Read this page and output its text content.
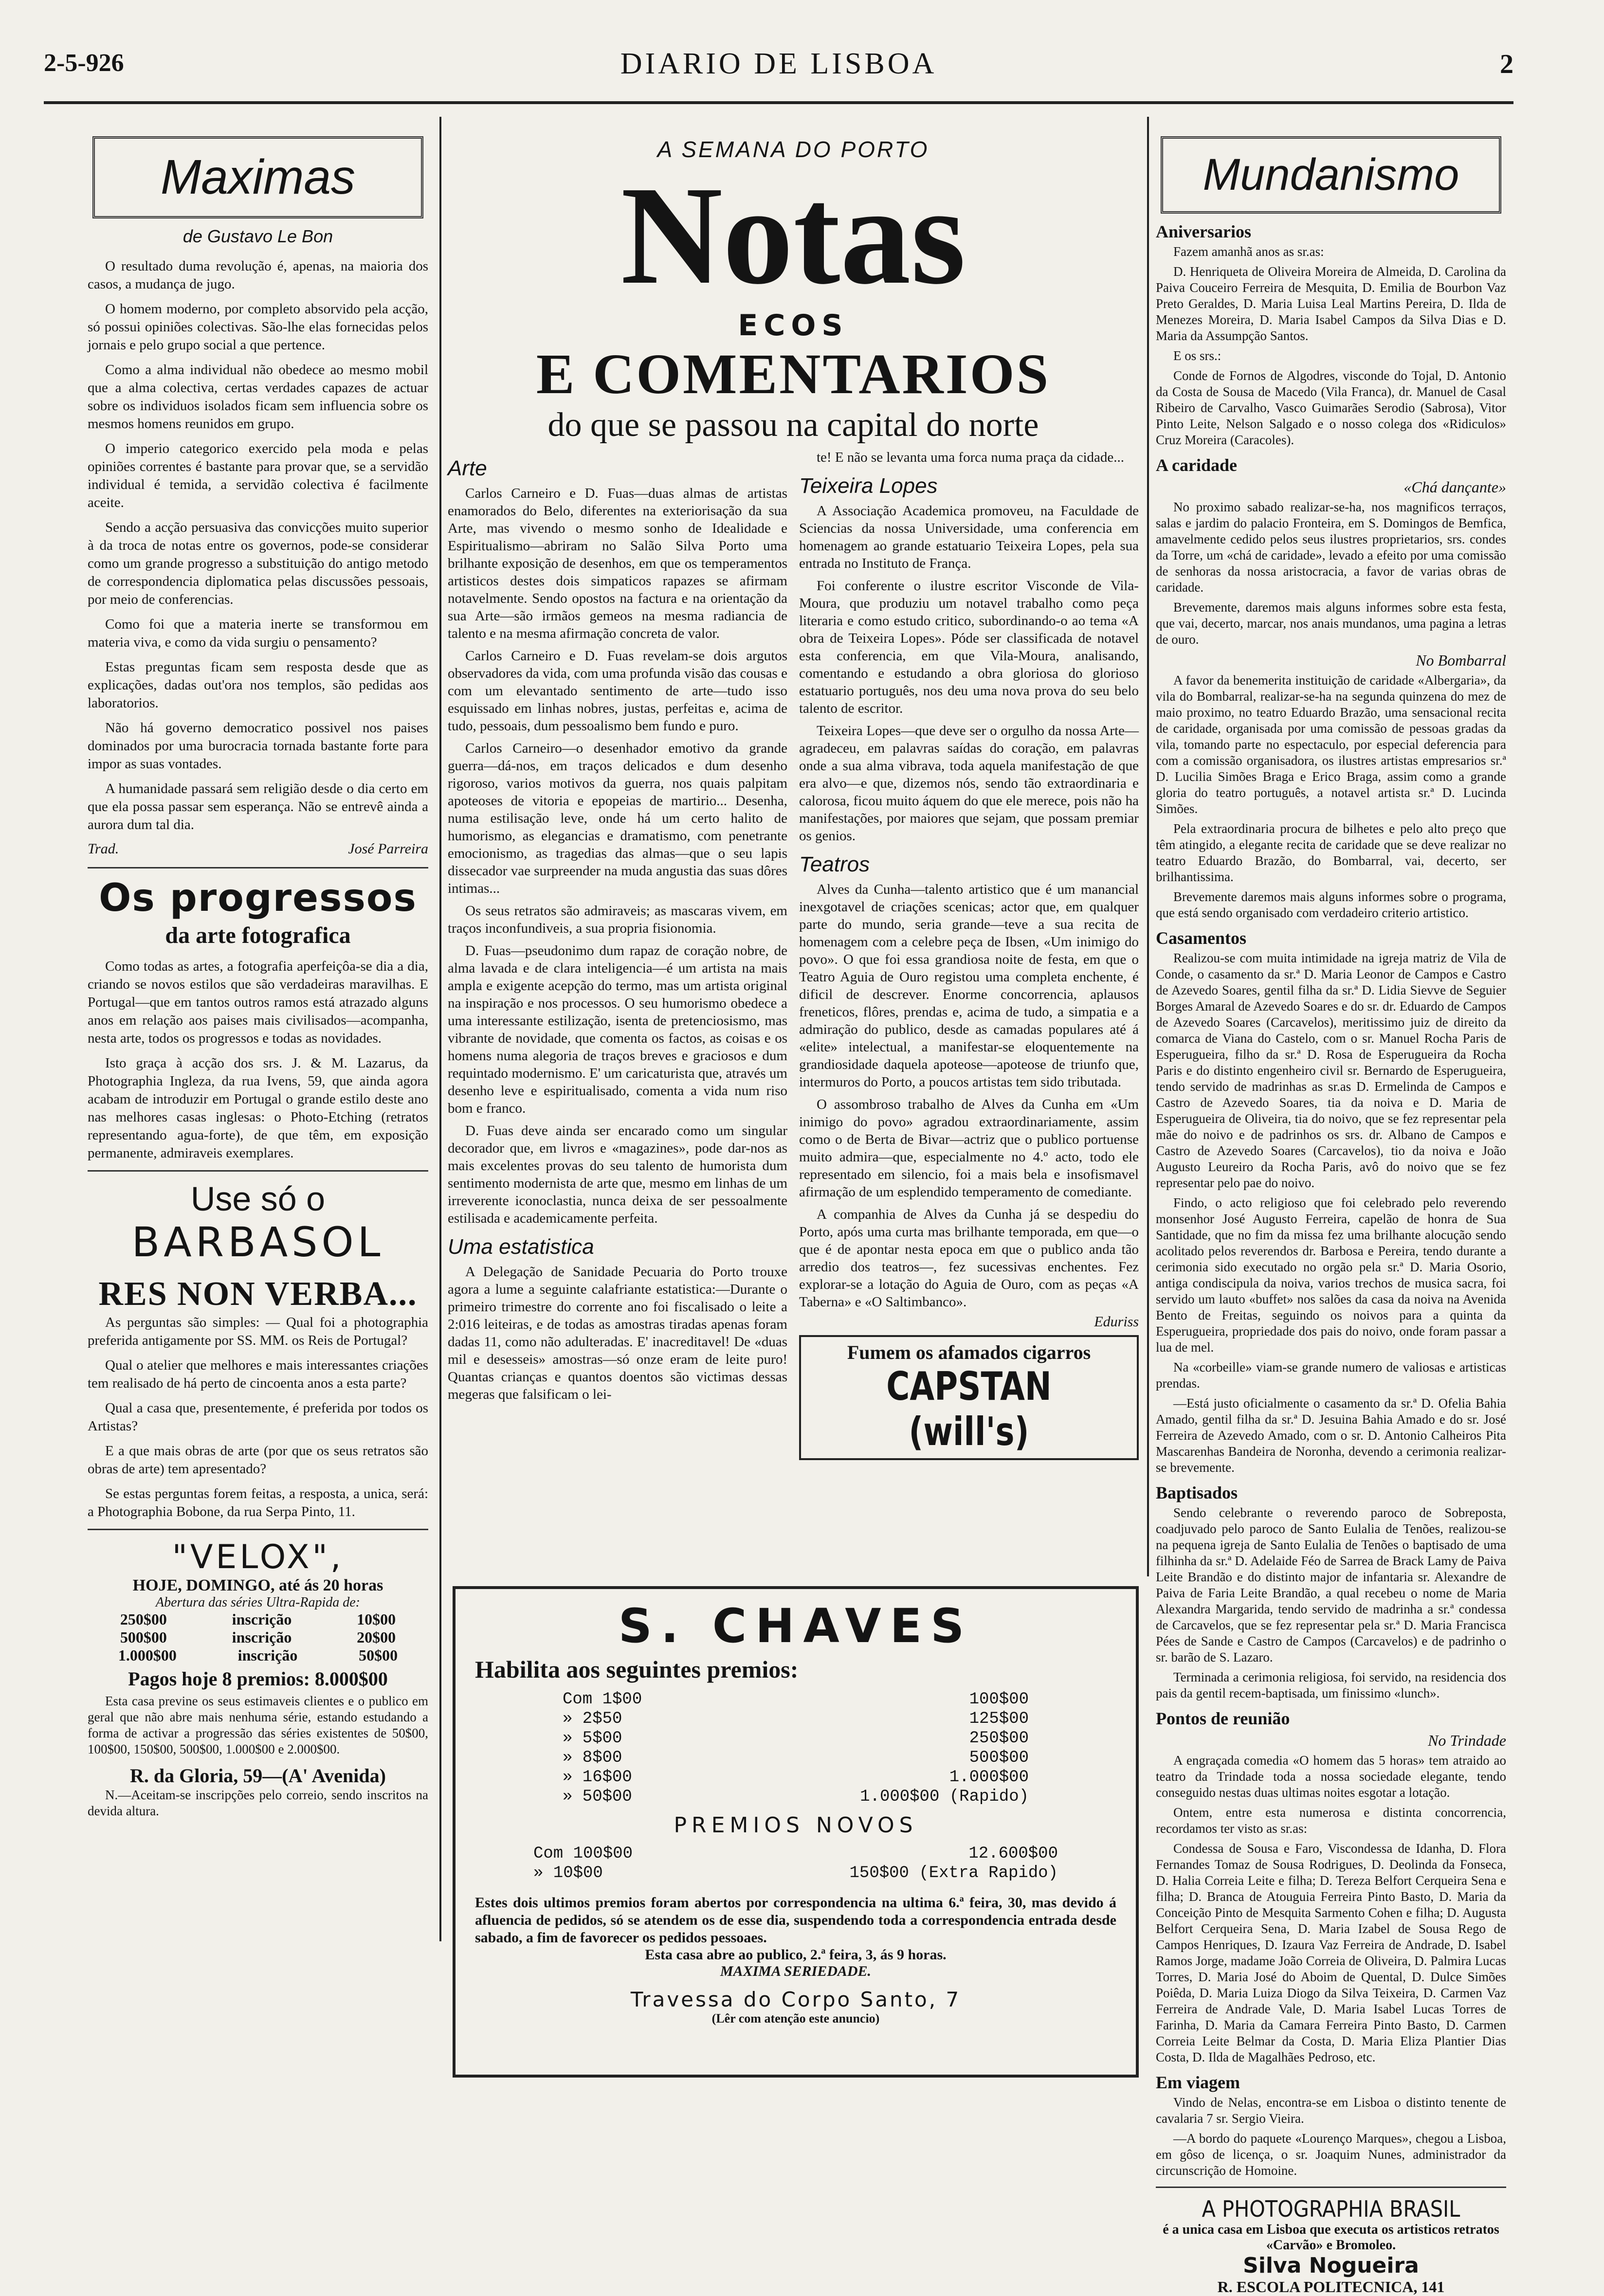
2-5-926	DIARIO DE LISBOA	2
Maximas
de Gustavo Le Bon

O resultado duma revolução é, apenas, na maioria dos casos, a mudança de jugo.

O homem moderno, por completo absorvido pela acção, só possui opiniões colectivas. São-lhe elas fornecidas pelos jornais e pelo grupo social a que pertence.

Como a alma individual não obedece ao mesmo mobil que a alma colectiva, certas verdades capazes de actuar sobre os individuos isolados ficam sem influencia sobre os mesmos homens reunidos em grupo.

O imperio categorico exercido pela moda e pelas opiniões correntes é bastante para provar que, se a servidão individual é temida, a servidão colectiva é facilmente aceite.

Sendo a acção persuasiva das convicções muito superior à da troca de notas entre os governos, pode-se considerar como um grande progresso a substituição do antigo metodo de correspondencia diplomatica pelas discussões pessoais, por meio de conferencias.

Como foi que a materia inerte se transformou em materia viva, e como da vida surgiu o pensamento?

Estas preguntas ficam sem resposta desde que as explicações, dadas out'ora nos templos, são pedidas aos laboratorios.

Não há governo democratico possivel nos paises dominados por uma burocracia tornada bastante forte para impor as suas vontades.

A humanidade passará sem religião desde o dia certo em que ela possa passar sem esperança. Não se entrevê ainda a aurora dum tal dia.

Trad.	José Parreira
Os progressos
da arte fotografica

Como todas as artes, a fotografia aperfeiçôa-se dia a dia, criando se novos estilos que são verdadeiras maravilhas. E Portugal—que em tantos outros ramos está atrazado alguns anos em relação aos paises mais civilisados—acompanha, nesta arte, todos os progressos e todas as novidades.

Isto graça à acção dos srs. J. & M. Lazarus, da Photographia Ingleza, da rua Ivens, 59, que ainda agora acabam de introduzir em Portugal o grande estilo deste ano nas melhores casas inglesas: o Photo-Etching (retratos representando agua-forte), de que têm, em exposição permanente, admiraveis exemplares.

Use só o
BARBASOL
RES NON VERBA...

As perguntas são simples: — Qual foi a photographia preferida antigamente por SS. MM. os Reis de Portugal?

Qual o atelier que melhores e mais interessantes criações tem realisado de há perto de cincoenta anos a esta parte?

Qual a casa que, presentemente, é preferida por todos os Artistas?

E a que mais obras de arte (por que os seus retratos são obras de arte) tem apresentado?

Se estas perguntas forem feitas, a resposta, a unica, será: a Photographia Bobone, da rua Serpa Pinto, 11.

"VELOX",
HOJE, DOMINGO, até ás 20 horas
Abertura das séries Ultra-Rapida de:
250$00	inscrição	10$00
500$00	inscrição	20$00
1.000$00	inscrição	50$00
Pagos hoje 8 premios: 8.000$00

Esta casa previne os seus estimaveis clientes e o publico em geral que não abre mais nenhuma série, estando estudando a forma de activar a progressão das séries existentes de 50$00, 100$00, 150$00, 500$00, 1.000$00 e 2.000$00.

R. da Gloria, 59—(A' Avenida)

N.—Aceitam-se inscripções pelo correio, sendo inscritos na devida altura.

A SEMANA DO PORTO
Notas
ECOS
E COMENTARIOS
do que se passou na capital do norte
Arte

Carlos Carneiro e D. Fuas—duas almas de artistas enamorados do Belo, diferentes na exteriorisação da sua Arte, mas vivendo o mesmo sonho de Idealidade e Espiritualismo—abriram no Salão Silva Porto uma brilhante exposição de desenhos, em que os temperamentos artisticos destes dois simpaticos rapazes se afirmam notavelmente. Sendo opostos na factura e na orientação da sua Arte—são irmãos gemeos na mesma radiancia de talento e na mesma afirmação concreta de valor.

Carlos Carneiro e D. Fuas revelam-se dois argutos observadores da vida, com uma profunda visão das cousas e com um elevantado sentimento de arte—tudo isso esquissado em linhas nobres, justas, perfeitas e, acima de tudo, pessoais, dum pessoalismo bem fundo e puro.

Carlos Carneiro—o desenhador emotivo da grande guerra—dá-nos, em traços delicados e dum desenho rigoroso, varios motivos da guerra, nos quais palpitam apoteoses de vitoria e epopeias de martirio... Desenha, numa estilisação leve, onde há um certo halito de humorismo, as elegancias e dramatismo, com penetrante emocionismo, as tragedias das almas—que o seu lapis dissecador vae surpreender na muda angustia das suas dôres intimas...

Os seus retratos são admiraveis; as mascaras vivem, em traços inconfundiveis, a sua propria fisionomia.

D. Fuas—pseudonimo dum rapaz de coração nobre, de alma lavada e de clara inteligencia—é um artista na mais ampla e exigente acepção do termo, mas um artista original na inspiração e nos processos. O seu humorismo obedece a uma interessante estilização, isenta de pretenciosismo, mas vibrante de novidade, que comenta os factos, as coisas e os homens numa alegoria de traços breves e graciosos e dum requintado modernismo. E' um caricaturista que, através um desenho leve e espiritualisado, comenta a vida num riso bom e franco.

D. Fuas deve ainda ser encarado como um singular decorador que, em livros e «magazines», pode dar-nos as mais excelentes provas do seu talento de humorista dum sentimento modernista de arte que, mesmo em linhas de um irreverente iconoclastia, nunca deixa de ser pessoalmente estilisada e academicamente perfeita.

Uma estatistica

A Delegação de Sanidade Pecuaria do Porto trouxe agora a lume a seguinte calafriante estatistica:—Durante o primeiro trimestre do corrente ano foi fiscalisado o leite a 2:016 leiteiras, e de todas as amostras tiradas apenas foram dadas 11, como não adulteradas. E' inacreditavel! De «duas mil e desesseis» amostras—só onze eram de leite puro! Quantas crianças e quantos doentos são victimas dessas megeras que falsificam o lei-

te! E não se levanta uma forca numa praça da cidade...

Teixeira Lopes

A Associação Academica promoveu, na Faculdade de Sciencias da nossa Universidade, uma conferencia em homenagem ao grande estatuario Teixeira Lopes, pela sua entrada no Instituto de França.

Foi conferente o ilustre escritor Visconde de Vila-Moura, que produziu um notavel trabalho como peça literaria e como estudo critico, subordinando-o ao tema «A obra de Teixeira Lopes». Póde ser classificada de notavel esta conferencia, em que Vila-Moura, analisando, comentando e estudando a obra gloriosa do glorioso estatuario português, nos deu uma nova prova do seu belo talento de escritor.

Teixeira Lopes—que deve ser o orgulho da nossa Arte—agradeceu, em palavras saídas do coração, em palavras onde a sua alma vibrava, toda aquela manifestação de que era alvo—e que, dizemos nós, sendo tão extraordinaria e calorosa, ficou muito áquem do que ele merece, pois não ha manifestações, por maiores que sejam, que possam premiar os genios.

Teatros

Alves da Cunha—talento artistico que é um manancial inexgotavel de criações scenicas; actor que, em qualquer parte do mundo, seria grande—teve a sua recita de homenagem com a celebre peça de Ibsen, «Um inimigo do povo». O que foi essa grandiosa noite de festa, em que o Teatro Aguia de Ouro registou uma completa enchente, é dificil de descrever. Enorme concorrencia, aplausos freneticos, flôres, prendas e, acima de tudo, a simpatia e a admiração do publico, desde as camadas populares até á «elite» intelectual, a manifestar-se eloquentemente na grandiosidade daquela apoteose—apoteose de triunfo que, intermuros do Porto, a poucos artistas tem sido tributada.

O assombroso trabalho de Alves da Cunha em «Um inimigo do povo» agradou extraordinariamente, assim como o de Berta de Bivar—actriz que o publico portuense muito admira—que, especialmente no 4.º acto, todo ele representado em silencio, foi a mais bela e insofismavel afirmação de um esplendido temperamento de comediante.

A companhia de Alves da Cunha já se despediu do Porto, após uma curta mas brilhante temporada, em que—o que é de apontar nesta epoca em que o publico anda tão arredio dos teatros—, fez sucessivas enchentes. Fez explorar-se a lotação do Aguia de Ouro, com as peças «A Taberna» e «O Saltimbanco».

Eduriss
Fumem os afamados cigarros
CAPSTAN (will's)
S. CHAVES
Habilita aos seguintes premios:
Com 1$00	100$00
» 2$50	125$00
» 5$00	250$00
» 8$00	500$00
» 16$00	1.000$00
» 50$00	1.000$00 (Rapido)
PREMIOS NOVOS
Com 100$00	12.600$00
» 10$00	150$00 (Extra Rapido)
Estes dois ultimos premios foram abertos por correspondencia na ultima 6.ª feira, 30, mas devido á afluencia de pedidos, só se atendem os de esse dia, suspendendo toda a correspondencia entrada desde sabado, a fim de favorecer os pedidos pessoaes.
Esta casa abre ao publico, 2.ª feira, 3, ás 9 horas.
MAXIMA SERIEDADE.
Travessa do Corpo Santo, 7
(Lêr com atenção este anuncio)
Mundanismo
Aniversarios

Fazem amanhã anos as sr.as:

D. Henriqueta de Oliveira Moreira de Almeida, D. Carolina da Paiva Couceiro Ferreira de Mesquita, D. Emilia de Bourbon Vaz Preto Geraldes, D. Maria Luisa Leal Martins Pereira, D. Ilda de Menezes Moreira, D. Maria Isabel Campos da Silva Dias e D. Maria da Assumpção Santos.

E os srs.:

Conde de Fornos de Algodres, visconde do Tojal, D. Antonio da Costa de Sousa de Macedo (Vila Franca), dr. Manuel de Casal Ribeiro de Carvalho, Vasco Guimarães Serodio (Sabrosa), Vitor Pinto Leite, Nelson Salgado e o nosso colega dos «Ridiculos» Cruz Moreira (Caracoles).

A caridade
«Chá dançante»

No proximo sabado realizar-se-ha, nos magnificos terraços, salas e jardim do palacio Fronteira, em S. Domingos de Bemfica, amavelmente cedido pelos seus ilustres proprietarios, srs. condes da Torre, um «chá de caridade», levado a efeito por uma comissão de senhoras da nossa aristocracia, a favor de varias obras de caridade.

Brevemente, daremos mais alguns informes sobre esta festa, que vai, decerto, marcar, nos anais mundanos, uma pagina a letras de ouro.

No Bombarral

A favor da benemerita instituição de caridade «Albergaria», da vila do Bombarral, realizar-se-ha na segunda quinzena do mez de maio proximo, no teatro Eduardo Brazão, uma sensacional recita de caridade, organisada por uma comissão de pessoas gradas da vila, tomando parte no espectaculo, por especial deferencia para com a comissão organisadora, os ilustres artistas empresarios sr.ª D. Lucilia Simões Braga e Erico Braga, assim como a grande gloria do teatro português, a notavel artista sr.ª D. Lucinda Simões.

Pela extraordinaria procura de bilhetes e pelo alto preço que têm atingido, a elegante recita de caridade que se deve realizar no teatro Eduardo Brazão, do Bombarral, vai, decerto, ser brilhantissima.

Brevemente daremos mais alguns informes sobre o programa, que está sendo organisado com verdadeiro criterio artistico.

Casamentos

Realizou-se com muita intimidade na igreja matriz de Vila de Conde, o casamento da sr.ª D. Maria Leonor de Campos e Castro de Azevedo Soares, gentil filha da sr.ª D. Lidia Sievve de Seguier Borges Amaral de Azevedo Soares e do sr. dr. Eduardo de Campos de Azevedo Soares (Carcavelos), meritissimo juiz de direito da comarca de Viana do Castelo, com o sr. Manuel Rocha Paris de Esperugueira, filho da sr.ª D. Rosa de Esperugueira da Rocha Paris e do distinto engenheiro civil sr. Bernardo de Esperugueira, tendo servido de madrinhas as sr.as D. Ermelinda de Campos e Castro de Azevedo Soares, tia da noiva e D. Maria de Esperugueira de Oliveira, tia do noivo, que se fez representar pela mãe do noivo e de padrinhos os srs. dr. Albano de Campos e Castro de Azevedo Soares (Carcavelos), tio da noiva e João Augusto Leureiro da Rocha Paris, avô do noivo que se fez representar pelo pae do noivo.

Findo, o acto religioso que foi celebrado pelo reverendo monsenhor José Augusto Ferreira, capelão de honra de Sua Santidade, que no fim da missa fez uma brilhante alocução sendo acolitado pelos reverendos dr. Barbosa e Pereira, tendo durante a cerimonia sido executado no orgão pela sr.ª D. Maria Osorio, antiga condiscipula da noiva, varios trechos de musica sacra, foi servido um lauto «buffet» nos salões da casa da noiva na Avenida Bento de Freitas, seguindo os noivos para a quinta da Esperugueira, propriedade dos pais do noivo, onde foram passar a lua de mel.

Na «corbeille» viam-se grande numero de valiosas e artisticas prendas.

—Está justo oficialmente o casamento da sr.ª D. Ofelia Bahia Amado, gentil filha da sr.ª D. Jesuina Bahia Amado e do sr. José Ferreira de Azevedo Amado, com o sr. D. Antonio Calheiros Pita Mascarenhas Bandeira de Noronha, devendo a cerimonia realizar-se brevemente.

Baptisados

Sendo celebrante o reverendo paroco de Sobreposta, coadjuvado pelo paroco de Santo Eulalia de Tenões, realizou-se na pequena igreja de Santo Eulalia de Tenões o baptisado de uma filhinha da sr.ª D. Adelaide Féo de Sarrea de Brack Lamy de Paiva Leite Brandão e do distinto major de infantaria sr. Alexandre de Paiva de Faria Leite Brandão, a qual recebeu o nome de Maria Alexandra Margarida, tendo servido de madrinha a sr.ª condessa de Carcavelos, que se fez representar pela sr.ª D. Maria Francisca Pées de Sande e Castro de Campos (Carcavelos) e de padrinho o sr. barão de S. Lazaro.

Terminada a cerimonia religiosa, foi servido, na residencia dos pais da gentil recem-baptisada, um finissimo «lunch».

Pontos de reunião
No Trindade

A engraçada comedia «O homem das 5 horas» tem atraido ao teatro da Trindade toda a nossa sociedade elegante, tendo conseguido nestas duas ultimas noites esgotar a lotação.

Ontem, entre esta numerosa e distinta concorrencia, recordamos ter visto as sr.as:

Condessa de Sousa e Faro, Viscondessa de Idanha, D. Flora Fernandes Tomaz de Sousa Rodrigues, D. Deolinda da Fonseca, D. Halia Correia Leite e filha; D. Tereza Belfort Cerqueira Sena e filha; D. Branca de Atouguia Ferreira Pinto Basto, D. Maria da Conceição Pinto de Mesquita Sarmento Cohen e filha; D. Augusta Belfort Cerqueira Sena, D. Maria Izabel de Sousa Rego de Campos Henriques, D. Izaura Vaz Ferreira de Andrade, D. Isabel Ramos Jorge, madame João Correia de Oliveira, D. Palmira Lucas Torres, D. Maria José do Aboim de Quental, D. Dulce Simões Poiêda, D. Maria Luiza Diogo da Silva Teixeira, D. Carmen Vaz Ferreira de Andrade Vale, D. Maria Isabel Lucas Torres de Farinha, D. Maria da Camara Ferreira Pinto Basto, D. Carmen Correia Leite Belmar da Costa, D. Maria Eliza Plantier Dias Costa, D. Ilda de Magalhães Pedroso, etc.

Em viagem

Vindo de Nelas, encontra-se em Lisboa o distinto tenente de cavalaria 7 sr. Sergio Vieira.

—A bordo do paquete «Lourenço Marques», chegou a Lisboa, em gôso de licença, o sr. Joaquim Nunes, administrador da circunscrição de Homoine.

A PHOTOGRAPHIA BRASIL
é a unica casa em Lisboa que executa os artisticos retratos «Carvão» e Bromoleo.
Silva Nogueira
R. ESCOLA POLITECNICA, 141
